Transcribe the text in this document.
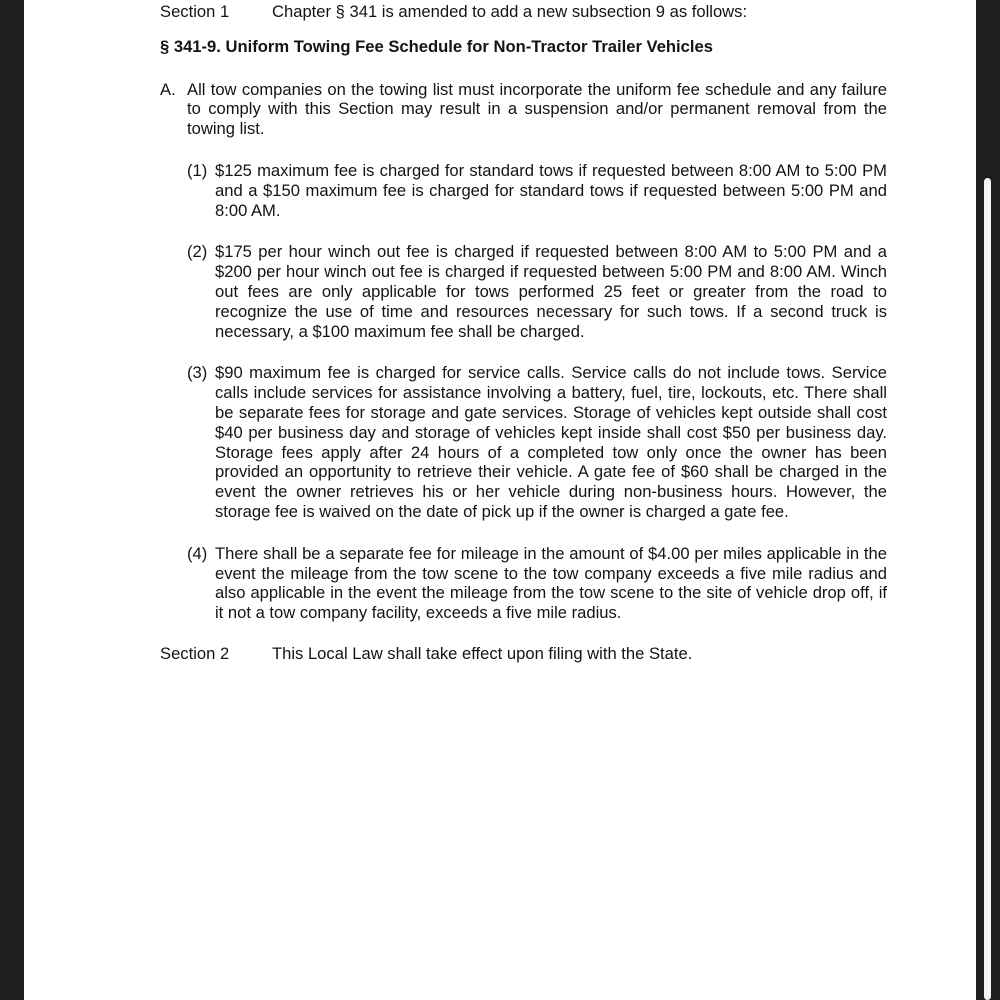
Section 1	Chapter § 341 is amended to add a new subsection 9 as follows:
§ 341-9. Uniform Towing Fee Schedule for Non-Tractor Trailer Vehicles
A. All tow companies on the towing list must incorporate the uniform fee schedule and any failure to comply with this Section may result in a suspension and/or permanent removal from the towing list.
(1) $125 maximum fee is charged for standard tows if requested between 8:00 AM to 5:00 PM and a $150 maximum fee is charged for standard tows if requested between 5:00 PM and 8:00 AM.
(2) $175 per hour winch out fee is charged if requested between 8:00 AM to 5:00 PM and a $200 per hour winch out fee is charged if requested between 5:00 PM and 8:00 AM. Winch out fees are only applicable for tows performed 25 feet or greater from the road to recognize the use of time and resources necessary for such tows. If a second truck is necessary, a $100 maximum fee shall be charged.
(3) $90 maximum fee is charged for service calls. Service calls do not include tows. Service calls include services for assistance involving a battery, fuel, tire, lockouts, etc. There shall be separate fees for storage and gate services. Storage of vehicles kept outside shall cost $40 per business day and storage of vehicles kept inside shall cost $50 per business day. Storage fees apply after 24 hours of a completed tow only once the owner has been provided an opportunity to retrieve their vehicle. A gate fee of $60 shall be charged in the event the owner retrieves his or her vehicle during non-business hours. However, the storage fee is waived on the date of pick up if the owner is charged a gate fee.
(4) There shall be a separate fee for mileage in the amount of $4.00 per miles applicable in the event the mileage from the tow scene to the tow company exceeds a five mile radius and also applicable in the event the mileage from the tow scene to the site of vehicle drop off, if it not a tow company facility, exceeds a five mile radius.
Section 2	This Local Law shall take effect upon filing with the State.
